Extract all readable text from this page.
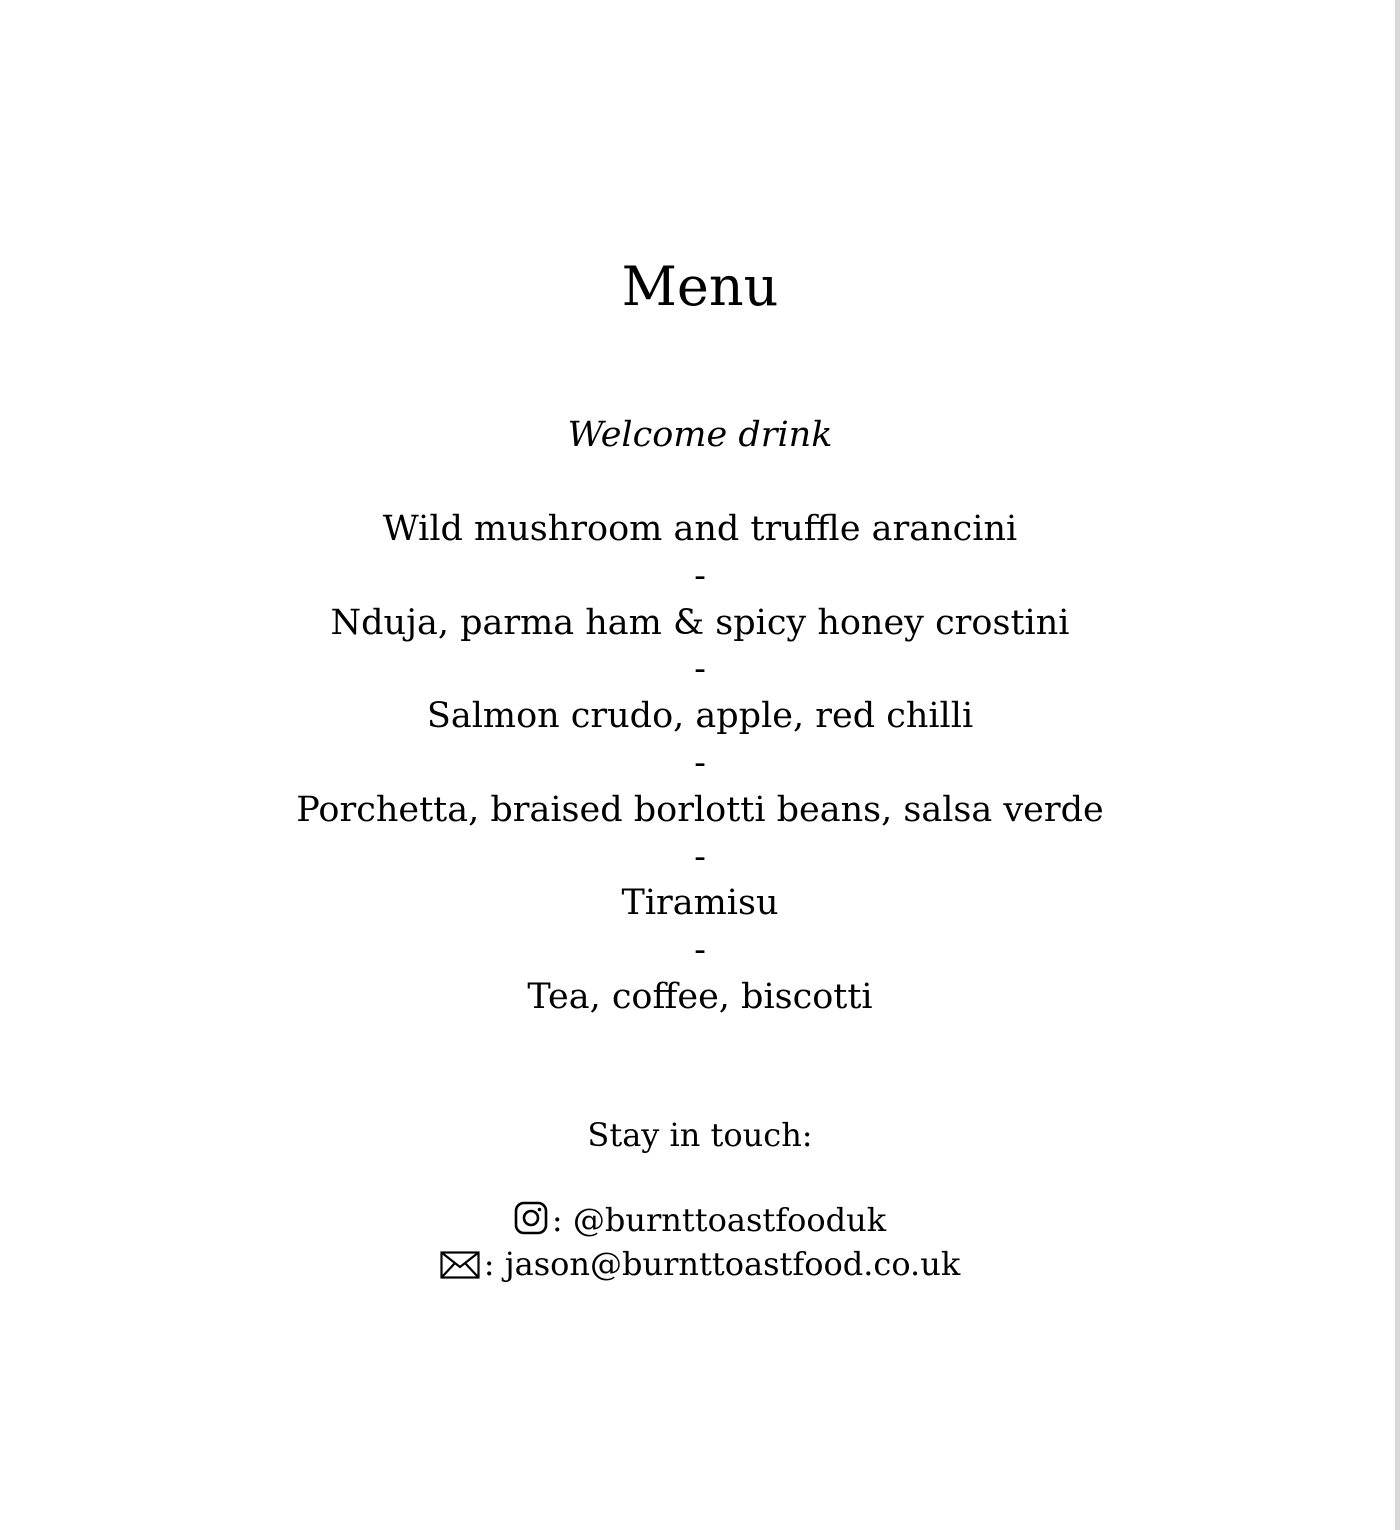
Menu
Welcome drink
Wild mushroom and truffle arancini
-
Nduja, parma ham & spicy honey crostini
-
Salmon crudo, apple, red chilli
-
Porchetta, braised borlotti beans, salsa verde
-
Tiramisu
-
Tea, coffee, biscotti
Stay in touch:
: @burnttoastfooduk
: jason@burnttoastfood.co.uk
